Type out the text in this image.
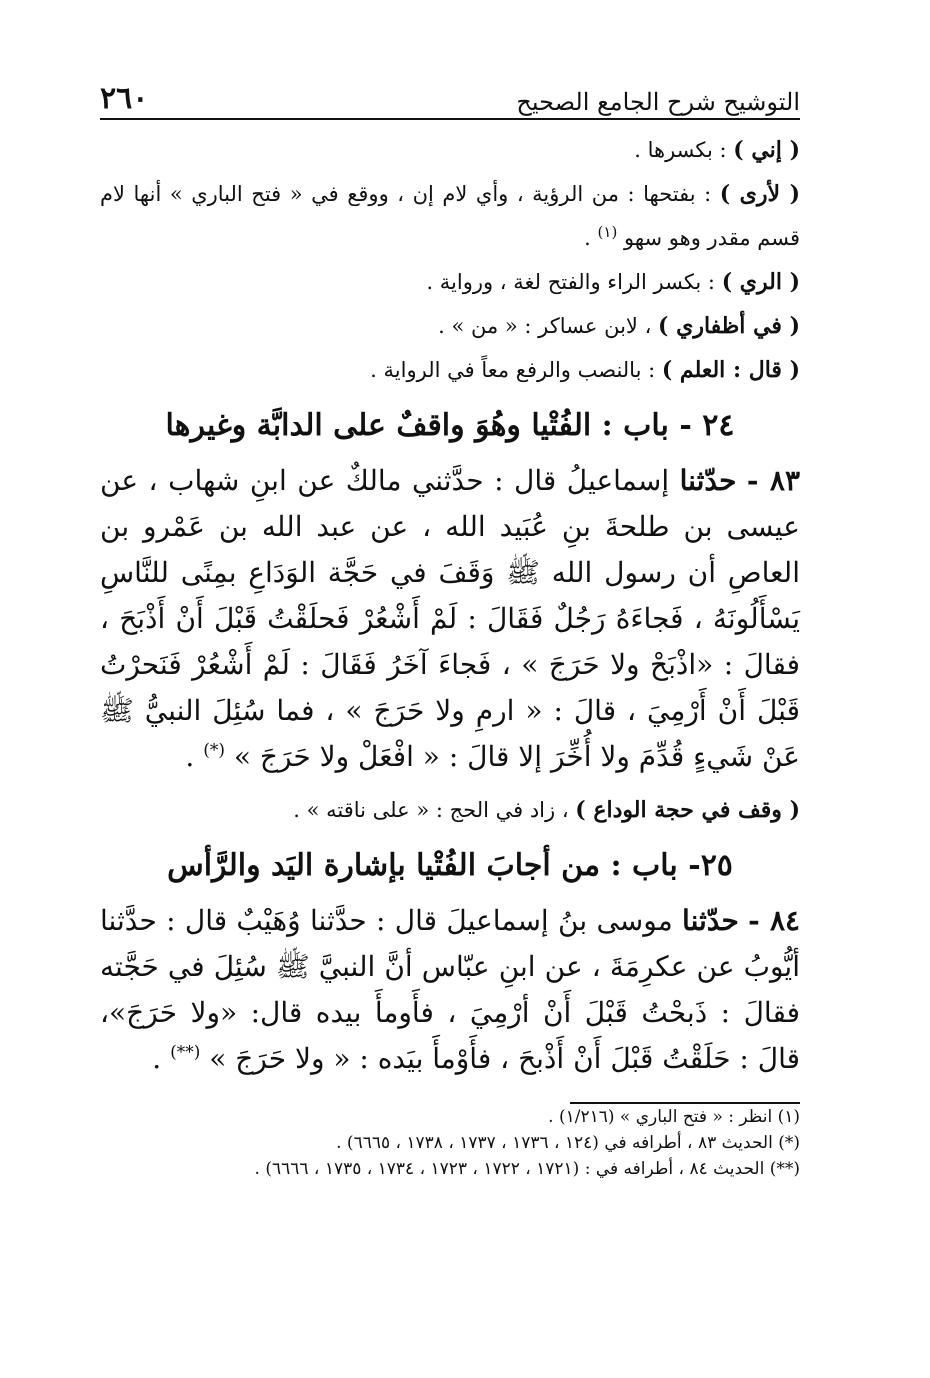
التوشيح شرح الجامع الصحيح
٢٦٠

( إني ) : بكسرها .

( لأرى ) : بفتحها : من الرؤية ، وأي لام إن ، ووقع في « فتح الباري » أنها لام قسم مقدر وهو سهو $^{(١)}$ .

( الري ) : بكسر الراء والفتح لغة ، ورواية .

( في أظفاري ) ، لابن عساكر : « من » .

( قال : العلم ) : بالنصب والرفع معاً في الرواية .

٢٤ - باب : الفُتْيا وهُوَ واقفٌ على الدابَّة وغيرها

٨٣ - حدّثنا إسماعيلُ قال : حدَّثني مالكٌ عن ابنِ شهاب ، عن عيسى بن طلحةَ بنِ عُبَيد الله ، عن عبد الله بن عَمْرو بن العاصِ أن رسول الله ﷺ وَقَفَ في حَجَّة الوَدَاعِ بمِنًى للنَّاسِ يَسْأَلُونَهُ ، فَجاءَهُ رَجُلٌ فَقَالَ : لَمْ أَشْعُرْ فَحلَقْتُ قَبْلَ أَنْ أَذْبَحَ ، فقالَ : «اذْبَحْ ولا حَرَجَ » ، فَجاءَ آخَرُ فَقَالَ : لَمْ أَشْعُرْ فَنَحرْتُ قَبْلَ أَنْ أَرْمِيَ ، قالَ : « ارمِ ولا حَرَجَ » ، فما سُئِلَ النبيُّ ﷺ عَنْ شَيءٍ قُدِّمَ ولا أُخِّرَ إلا قالَ : « افْعَلْ ولا حَرَجَ » (*) .

( وقف في حجة الوداع ) ، زاد في الحج : « على ناقته » .

٢٥- باب : من أجابَ الفُتْيا بإشارة اليَد والرَّأس

٨٤ - حدّثنا موسى بنُ إسماعيلَ قال : حدَّثنا وُهَيْبٌ قال : حدَّثنا أيُّوبُ عن عكرِمَةَ ، عن ابنِ عبّاس أنَّ النبيَّ ﷺ سُئِلَ في حَجَّته فقالَ : ذَبحْتُ قَبْلَ أَنْ أرْمِيَ ، فأَومأَ بيده قال: «ولا حَرَجَ»، قالَ : حَلَقْتُ قَبْلَ أَنْ أَذْبحَ ، فأَوْمأَ بيَده : « ولا حَرَجَ » (**) .

(١) انظر : « فتح الباري » (١/٢١٦) .

(*) الحديث ٨٣ ، أطرافه في (١٢٤ ، ١٧٣٦ ، ١٧٣٧ ، ١٧٣٨ ، ٦٦٦٥) .

(**) الحديث ٨٤ ، أطرافه في : (١٧٢١ ، ١٧٢٢ ، ١٧٢٣ ، ١٧٣٤ ، ١٧٣٥ ، ٦٦٦٦) .
